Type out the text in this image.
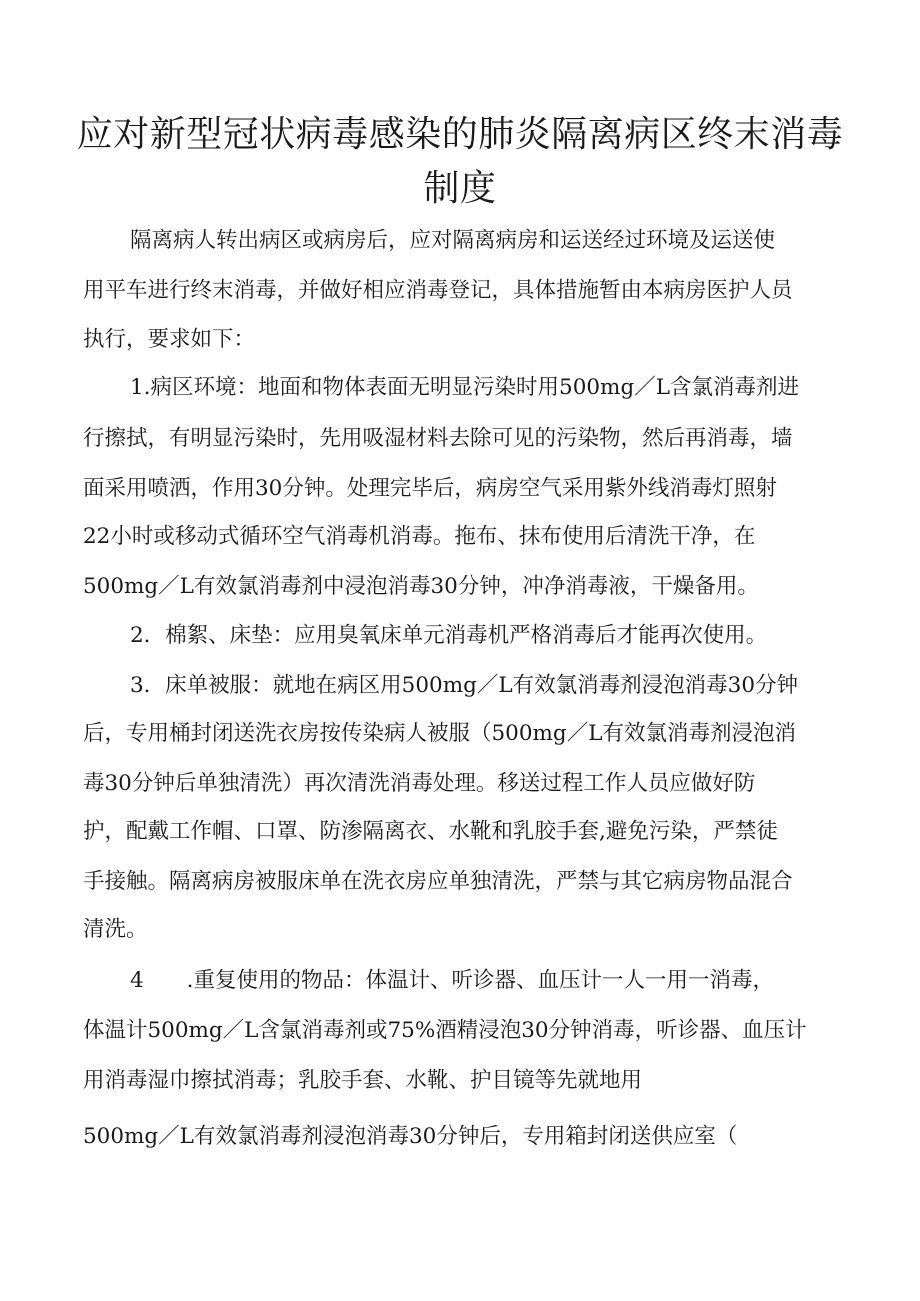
应对新型冠状病毒感染的肺炎隔离病区终末消毒
制度

隔离病人转出病区或病房后，应对隔离病房和运送经过环境及运送使

用平车进行终末消毒，并做好相应消毒登记，具体措施暂由本病房医护人员

执行，要求如下：

1.病区环境：地面和物体表面无明显污染时用500mg／L含氯消毒剂进

行擦拭，有明显污染时，先用吸湿材料去除可见的污染物，然后再消毒，墙

面采用喷洒，作用30分钟。处理完毕后，病房空气采用紫外线消毒灯照射

22小时或移动式循环空气消毒机消毒。拖布、抹布使用后清洗干净，在

500mg／L有效氯消毒剂中浸泡消毒30分钟，冲净消毒液，干燥备用。

2．棉絮、床垫：应用臭氧床单元消毒机严格消毒后才能再次使用。

3．床单被服：就地在病区用500mg／L有效氯消毒剂浸泡消毒30分钟

后，专用桶封闭送洗衣房按传染病人被服（500mg／L有效氯消毒剂浸泡消

毒30分钟后单独清洗）再次清洗消毒处理。移送过程工作人员应做好防

护，配戴工作帽、口罩、防渗隔离衣、水靴和乳胶手套,避免污染，严禁徒

手接触。隔离病房被服床单在洗衣房应单独清洗，严禁与其它病房物品混合

清洗。

4　　.重复使用的物品：体温计、听诊器、血压计一人一用一消毒，

体温计500mg／L含氯消毒剂或75%酒精浸泡30分钟消毒，听诊器、血压计

用消毒湿巾擦拭消毒；乳胶手套、水靴、护目镜等先就地用

500mg／L有效氯消毒剂浸泡消毒30分钟后，专用箱封闭送供应室（
